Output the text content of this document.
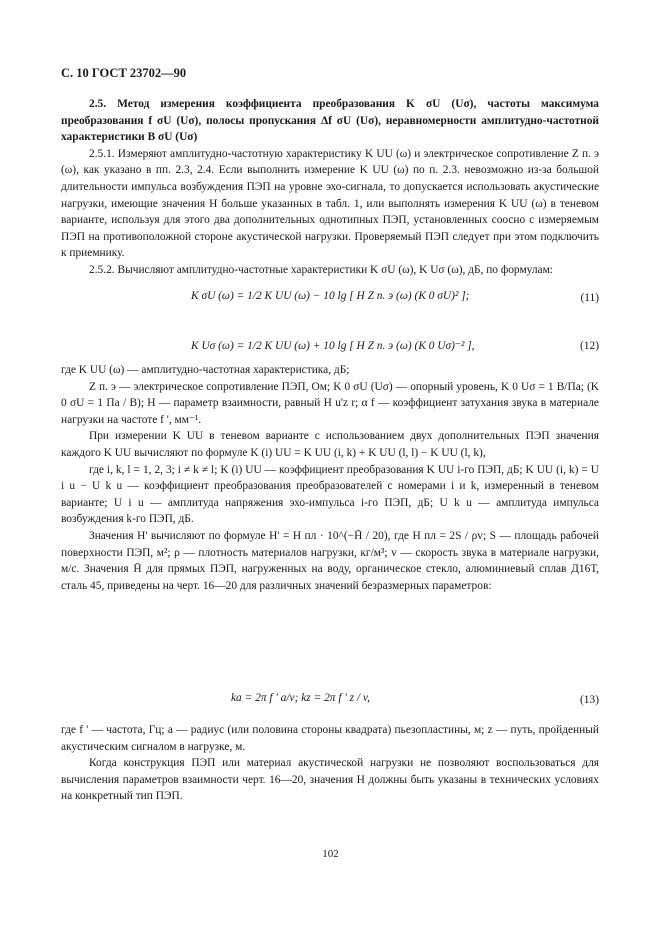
С. 10 ГОСТ 23702—90

2.5. Метод измерения коэффициента преобразования K σU (Uσ), частоты максимума преобразования f σU (Uσ), полосы пропускания Δf σU (Uσ), неравномерности амплитудно-частотной характеристики B σU (Uσ)

2.5.1. Измеряют амплитудно-частотную характеристику K UU (ω) и электрическое сопротивление Z п. э (ω), как указано в пп. 2.3, 2.4. Если выполнить измерение K UU (ω) по п. 2.3. невозможно из-за большой длительности импульса возбуждения ПЭП на уровне эхо-сигнала, то допускается использовать акустические нагрузки, имеющие значения H больше указанных в табл. 1, или выполнять измерения K UU (ω) в теневом варианте, используя для этого два дополнительных однотипных ПЭП, установленных соосно с измеряемым ПЭП на противоположной стороне акустической нагрузки. Проверяемый ПЭП следует при этом подключить к приемнику.

2.5.2. Вычисляют амплитудно-частотные характеристики K σU (ω), K Uσ (ω), дБ, по формулам:

K σU (ω) = 1/2 K UU (ω) − 10 lg [ H Z п. э (ω) (K 0 σU)² ];	(11)
K Uσ (ω) = 1/2 K UU (ω) + 10 lg [ H Z п. э (ω) (K 0 Uσ)⁻² ],	(12)

где K UU (ω) — амплитудно-частотная характеристика, дБ;

Z п. э — электрическое сопротивление ПЭП, Ом; K 0 σU (Uσ) — опорный уровень, K 0 Uσ = 1 В/Па; (K 0 σU = 1 Па / В); H — параметр взаимности, равный H u'z r; α f — коэффициент затухания звука в материале нагрузки на частоте f ', мм⁻¹.

При измерении K UU в теневом варианте с использованием двух дополнительных ПЭП значения каждого K UU вычисляют по формуле K (i) UU = K UU (i, k) + K UU (l, l) − K UU (l, k),

где i, k, l = 1, 2, 3; i ≠ k ≠ l; K (i) UU — коэффициент преобразования K UU i-го ПЭП, дБ; K UU (i, k) = U i u − U k u — коэффициент преобразования преобразователей с номерами i и k, измеренный в теневом варианте; U i u — амплитуда напряжения эхо-импульса i-го ПЭП, дБ; U k u — амплитуда импульса возбуждения k-го ПЭП, дБ.

Значения H' вычисляют по формуле H' = H пл · 10^(−H̄ / 20), где H пл = 2S / ρv; S — площадь рабочей поверхности ПЭП, м²; ρ — плотность материалов нагрузки, кг/м³; v — скорость звука в материале нагрузки, м/с. Значения H̄ для прямых ПЭП, нагруженных на воду, органическое стекло, алюминиевый сплав Д16Т, сталь 45, приведены на черт. 16—20 для различных значений безразмерных параметров:

ka = 2π f ' a/v; kz = 2π f ' z / v,	(13)

где f ' — частота, Гц; a — радиус (или половина стороны квадрата) пьезопластины, м; z — путь, пройденный акустическим сигналом в нагрузке, м.

Когда конструкция ПЭП или материал акустической нагрузки не позволяют воспользоваться для вычисления параметров взаимности черт. 16—20, значения H должны быть указаны в технических условиях на конкретный тип ПЭП.

102
